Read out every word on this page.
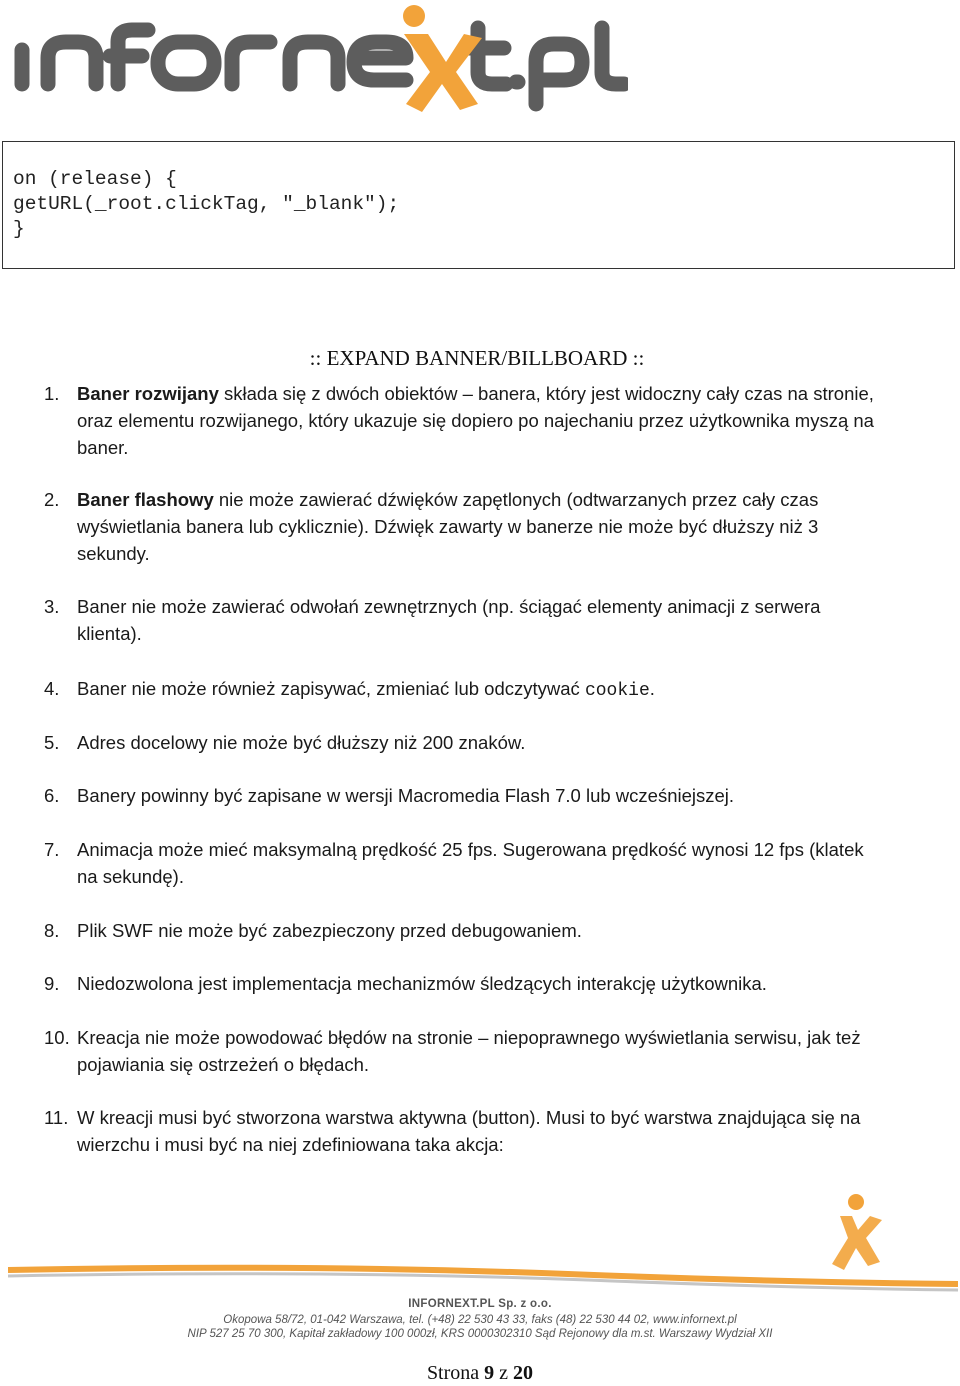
on (release) {
getURL(_root.clickTag, "_blank");
}
:: EXPAND BANNER/BILLBOARD ::
1. Baner rozwijany składa się z dwóch obiektów – banera, który jest widoczny cały czas na stronie,
oraz elementu rozwijanego, który ukazuje się dopiero po najechaniu przez użytkownika myszą na
baner.
2. Baner flashowy nie może zawierać dźwięków zapętlonych (odtwarzanych przez cały czas
wyświetlania banera lub cyklicznie). Dźwięk zawarty w banerze nie może być dłuższy niż 3
sekundy.
3. Baner nie może zawierać odwołań zewnętrznych (np. ściągać elementy animacji z serwera
klienta).
4. Baner nie może również zapisywać, zmieniać lub odczytywać cookie.
5. Adres docelowy nie może być dłuższy niż 200 znaków.
6. Banery powinny być zapisane w wersji Macromedia Flash 7.0 lub wcześniejszej.
7. Animacja może mieć maksymalną prędkość 25 fps. Sugerowana prędkość wynosi 12 fps (klatek
na sekundę).
8. Plik SWF nie może być zabezpieczony przed debugowaniem.
9. Niedozwolona jest implementacja mechanizmów śledzących interakcję użytkownika.
10. Kreacja nie może powodować błędów na stronie – niepoprawnego wyświetlania serwisu, jak też
pojawiania się ostrzeżeń o błędach.
11. W kreacji musi być stworzona warstwa aktywna (button). Musi to być warstwa znajdująca się na
wierzchu i musi być na niej zdefiniowana taka akcja:
INFORNEXT.PL Sp. z o.o.
Okopowa 58/72, 01-042 Warszawa, tel. (+48) 22 530 43 33, faks (48) 22 530 44 02, www.infornext.pl
NIP 527 25 70 300, Kapitał zakładowy 100 000zł, KRS 0000302310 Sąd Rejonowy dla m.st. Warszawy Wydział XII
Strona 9 z 20
